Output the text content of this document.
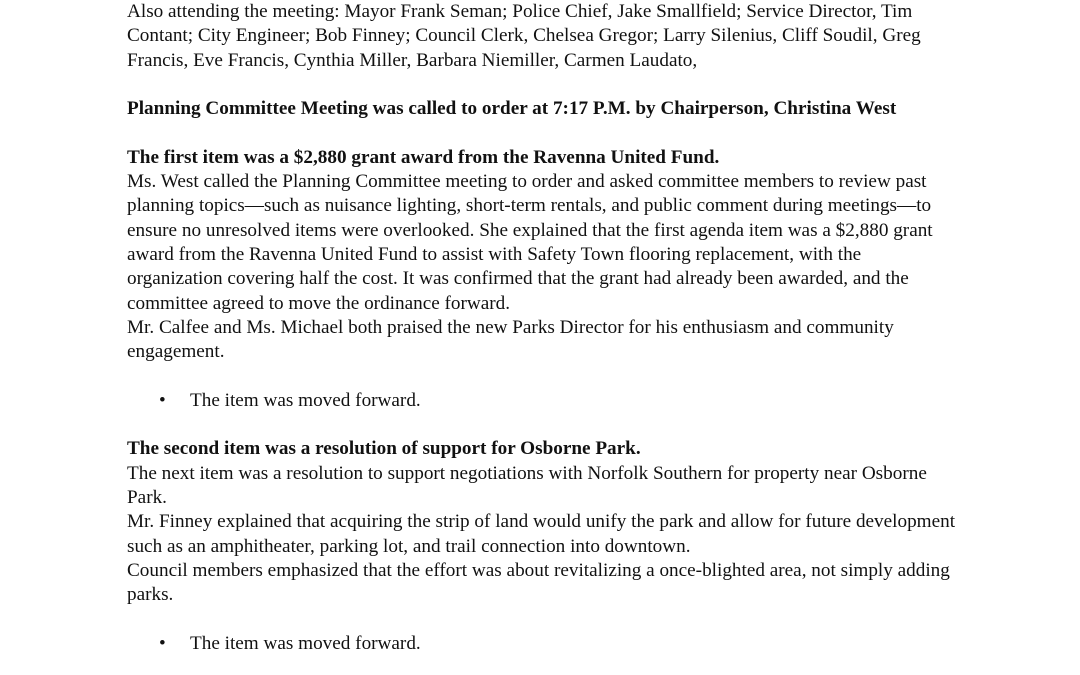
Also attending the meeting: Mayor Frank Seman; Police Chief, Jake Smallfield; Service Director, Tim Contant; City Engineer; Bob Finney; Council Clerk, Chelsea Gregor; Larry Silenius, Cliff Soudil, Greg Francis, Eve Francis, Cynthia Miller, Barbara Niemiller, Carmen Laudato,

Planning Committee Meeting was called to order at 7:17 P.M. by Chairperson, Christina West

The first item was a $2,880 grant award from the Ravenna United Fund.

Ms. West called the Planning Committee meeting to order and asked committee members to review past planning topics—such as nuisance lighting, short-term rentals, and public comment during meetings—to ensure no unresolved items were overlooked. She explained that the first agenda item was a $2,880 grant award from the Ravenna United Fund to assist with Safety Town flooring replacement, with the organization covering half the cost. It was confirmed that the grant had already been awarded, and the committee agreed to move the ordinance forward.

Mr. Calfee and Ms. Michael both praised the new Parks Director for his enthusiasm and community engagement.

• The item was moved forward.

The second item was a resolution of support for Osborne Park.

The next item was a resolution to support negotiations with Norfolk Southern for property near Osborne Park.

Mr. Finney explained that acquiring the strip of land would unify the park and allow for future development such as an amphitheater, parking lot, and trail connection into downtown.

Council members emphasized that the effort was about revitalizing a once-blighted area, not simply adding parks.

• The item was moved forward.
